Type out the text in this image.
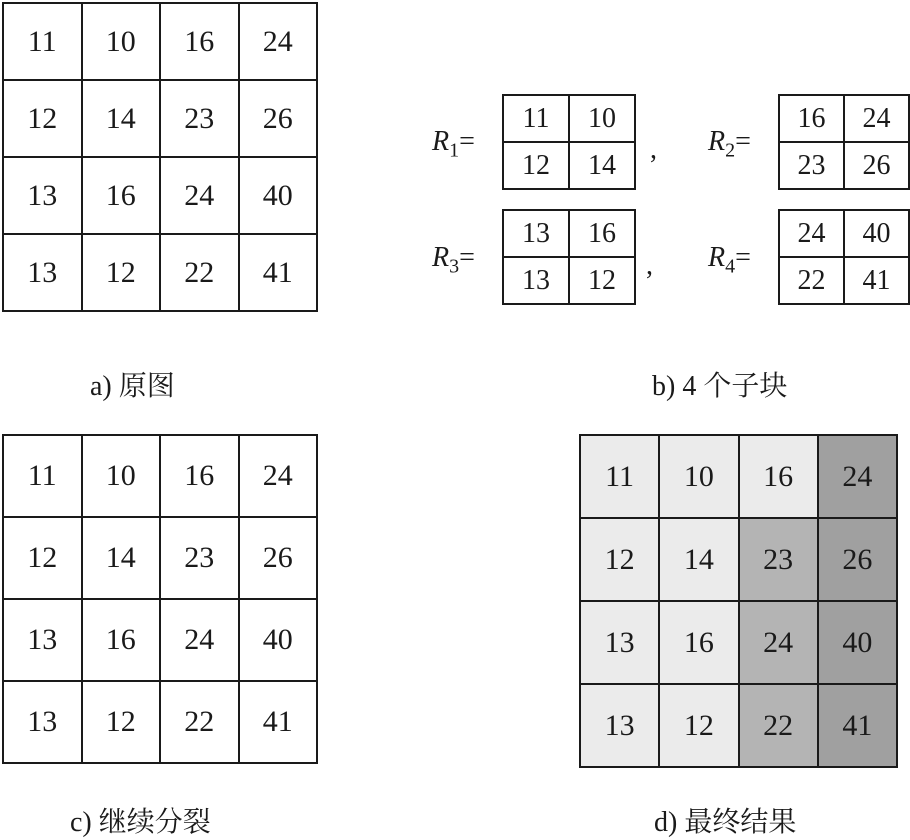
11	10	16	24
12	14	23	26
13	16	24	40
13	12	22	41
a) 原图
$R_1=$
11	10
12	14 , $R_2=$
16	24
23	26
$R_3=$
13	16
13	12 , $R_4=$
24	40
22	41
b) 4 个子块
11	10	16	24
12	14	23	26
13	16	24	40
13	12	22	41
c) 继续分裂
11	10	16	24
12	14	23	26
13	16	24	40
13	12	22	41
d) 最终结果
